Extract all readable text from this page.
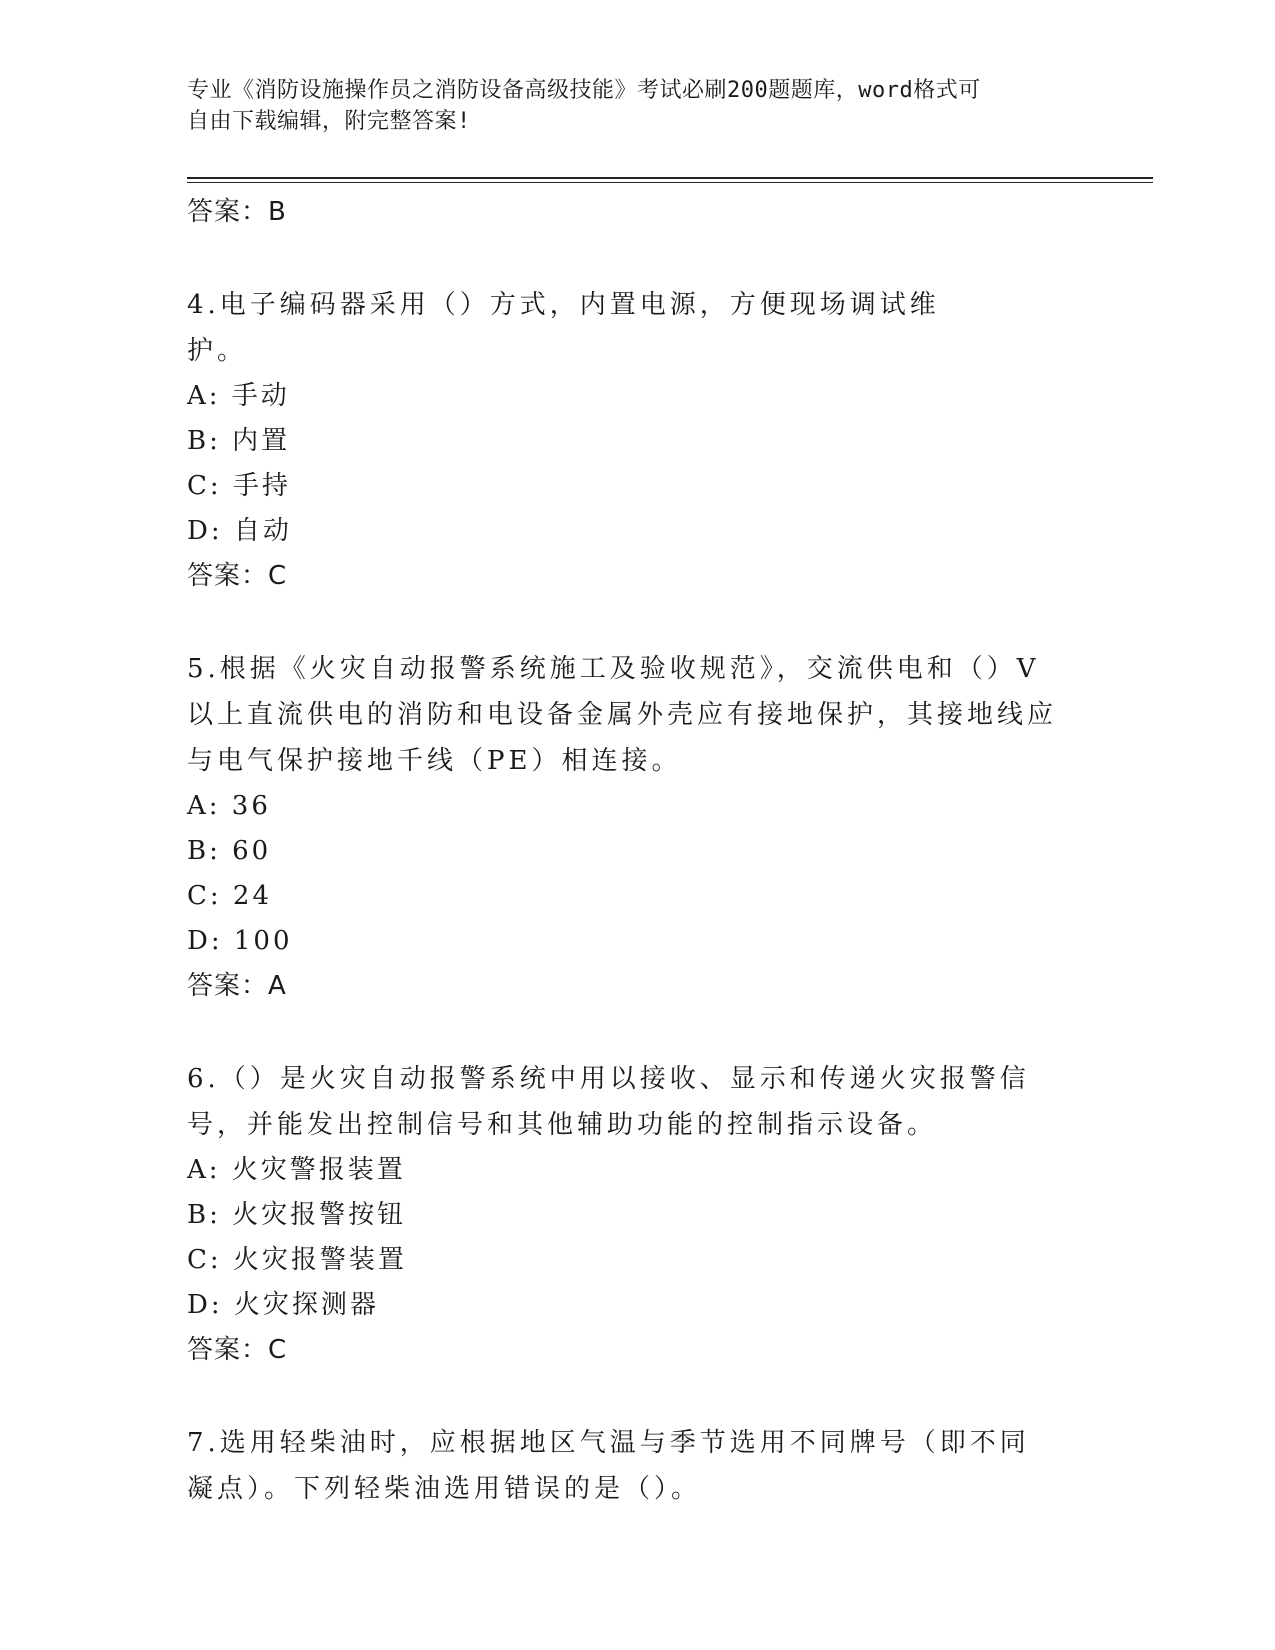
专业《消防设施操作员之消防设备高级技能》考试必刷200题题库，word格式可
自由下载编辑，附完整答案!
答案：B

4.电子编码器采用（）方式，内置电源，方便现场调试维护。

A: 手动
B: 内置
C: 手持
D: 自动
答案：C

5.根据《火灾自动报警系统施工及验收规范》，交流供电和（）V以上直流供电的消防和电设备金属外壳应有接地保护，其接地线应与电气保护接地千线（PE）相连接。

A: 36
B: 60
C: 24
D: 100
答案：A

6.（）是火灾自动报警系统中用以接收、显示和传递火灾报警信号，并能发出控制信号和其他辅助功能的控制指示设备。

A: 火灾警报装置
B: 火灾报警按钮
C: 火灾报警装置
D: 火灾探测器
答案：C

7.选用轻柴油时，应根据地区气温与季节选用不同牌号（即不同凝点）。下列轻柴油选用错误的是（）。
